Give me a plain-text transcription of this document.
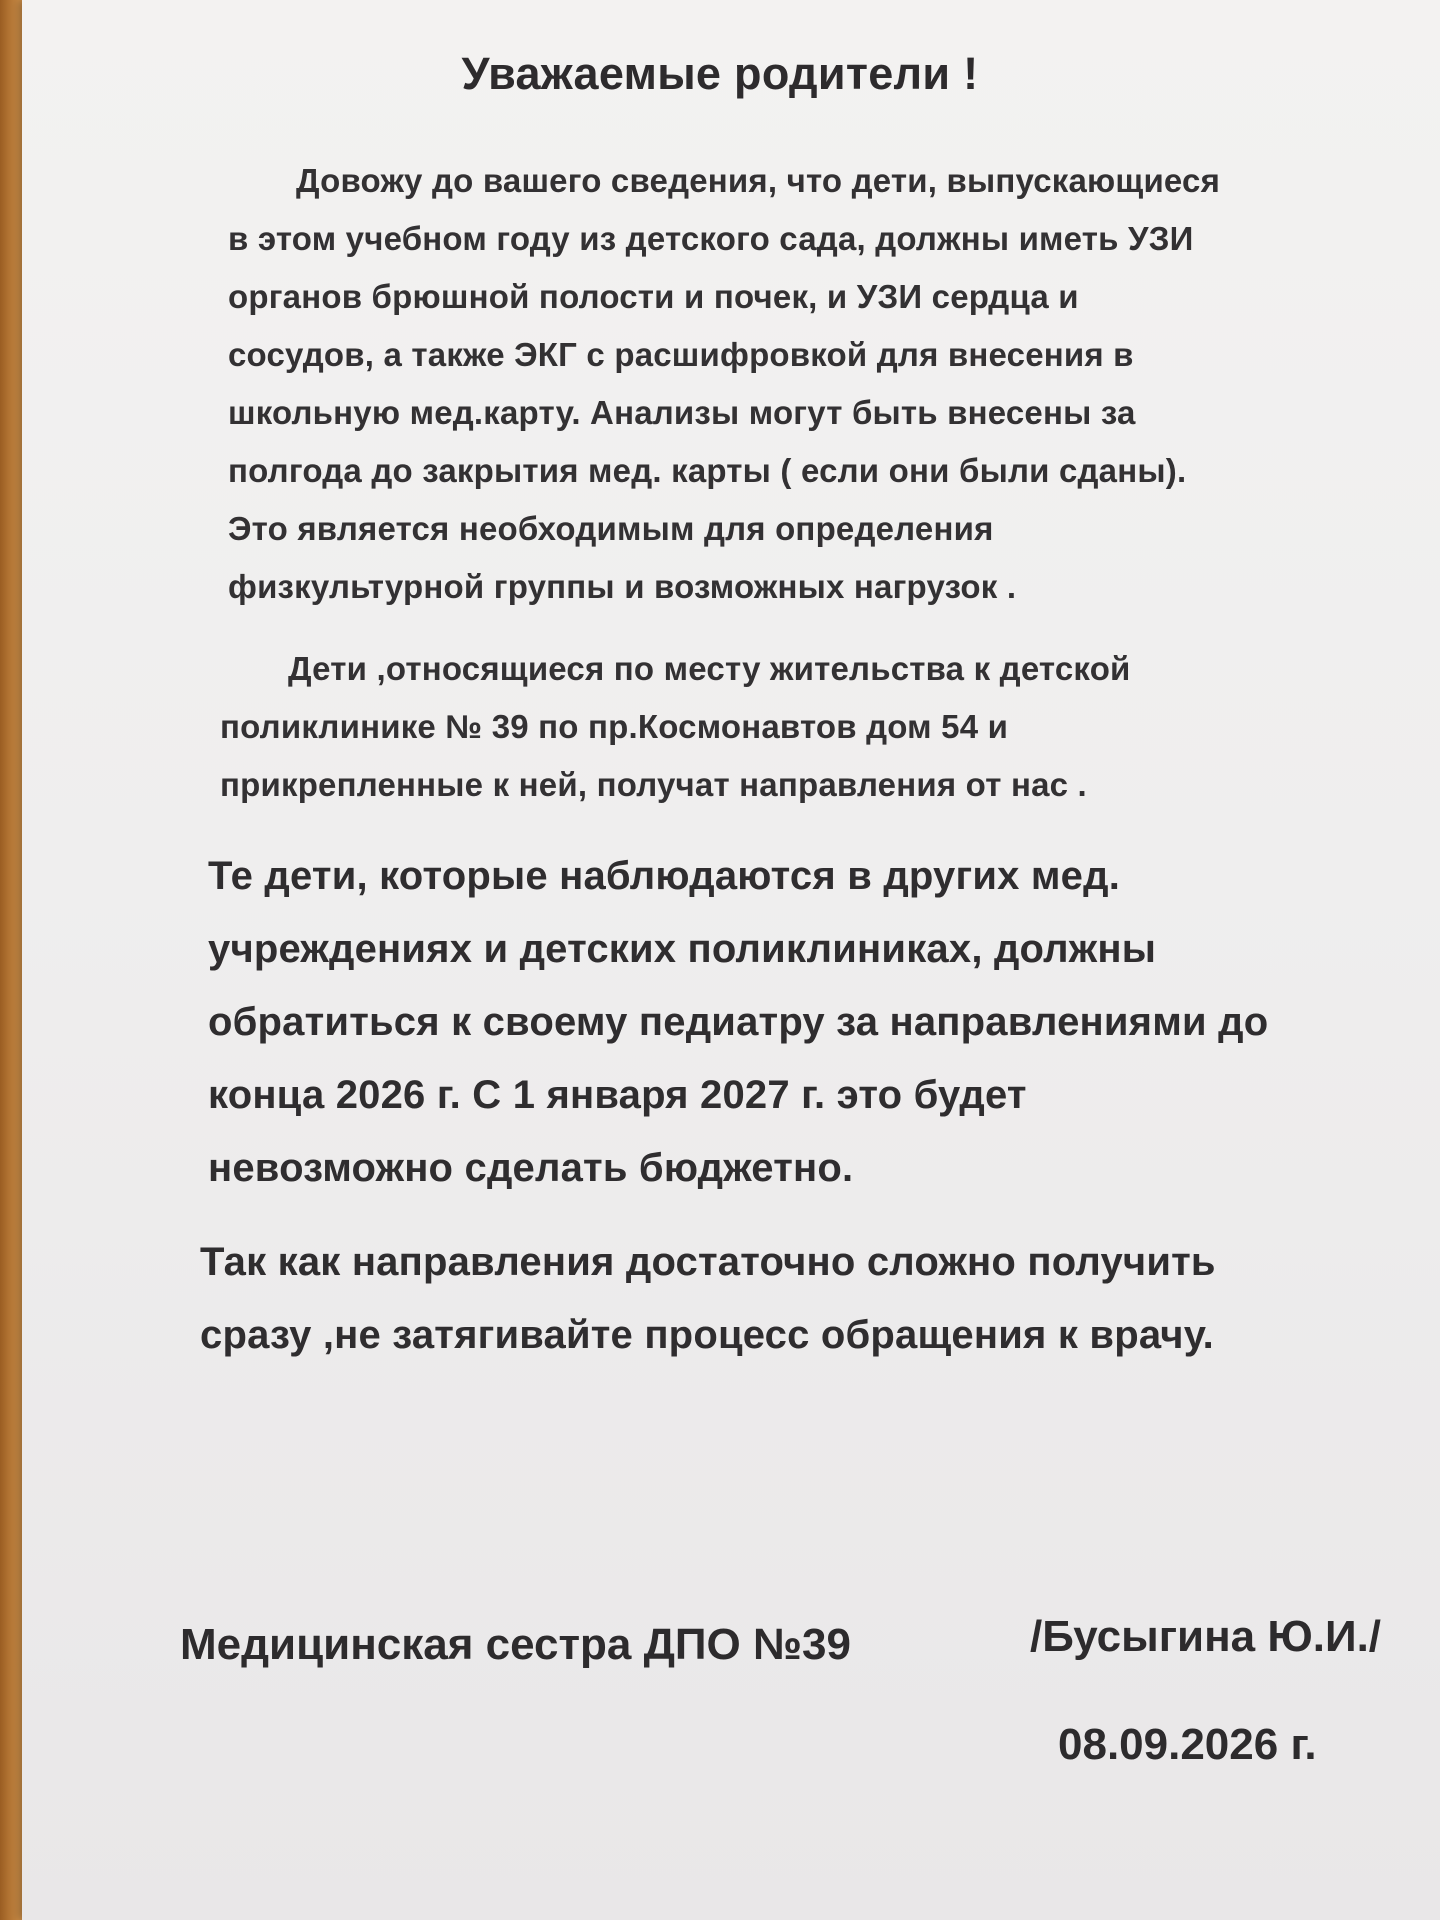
Уважаемые родители !
Довожу до вашего сведения, что дети, выпускающиеся
в этом учебном году из детского сада, должны иметь УЗИ
органов брюшной полости и почек, и УЗИ сердца и
сосудов, а также ЭКГ с расшифровкой для внесения в
школьную мед.карту. Анализы могут быть внесены за
полгода до закрытия мед. карты ( если они были сданы).
Это является необходимым для определения
физкультурной группы и возможных нагрузок .
Дети ,относящиеся по месту жительства к детской
поликлинике № 39 по пр.Космонавтов дом 54 и
прикрепленные к ней, получат направления от нас .
Те дети, которые наблюдаются в других мед.
учреждениях и детских поликлиниках, должны
обратиться к своему педиатру за направлениями до
конца 2026 г. С 1 января 2027 г. это будет
невозможно сделать бюджетно.
Так как направления достаточно сложно получить
сразу ,не затягивайте процесс обращения к врачу.
Медицинская сестра ДПО №39	/Бусыгина Ю.И./
08.09.2026 г.
